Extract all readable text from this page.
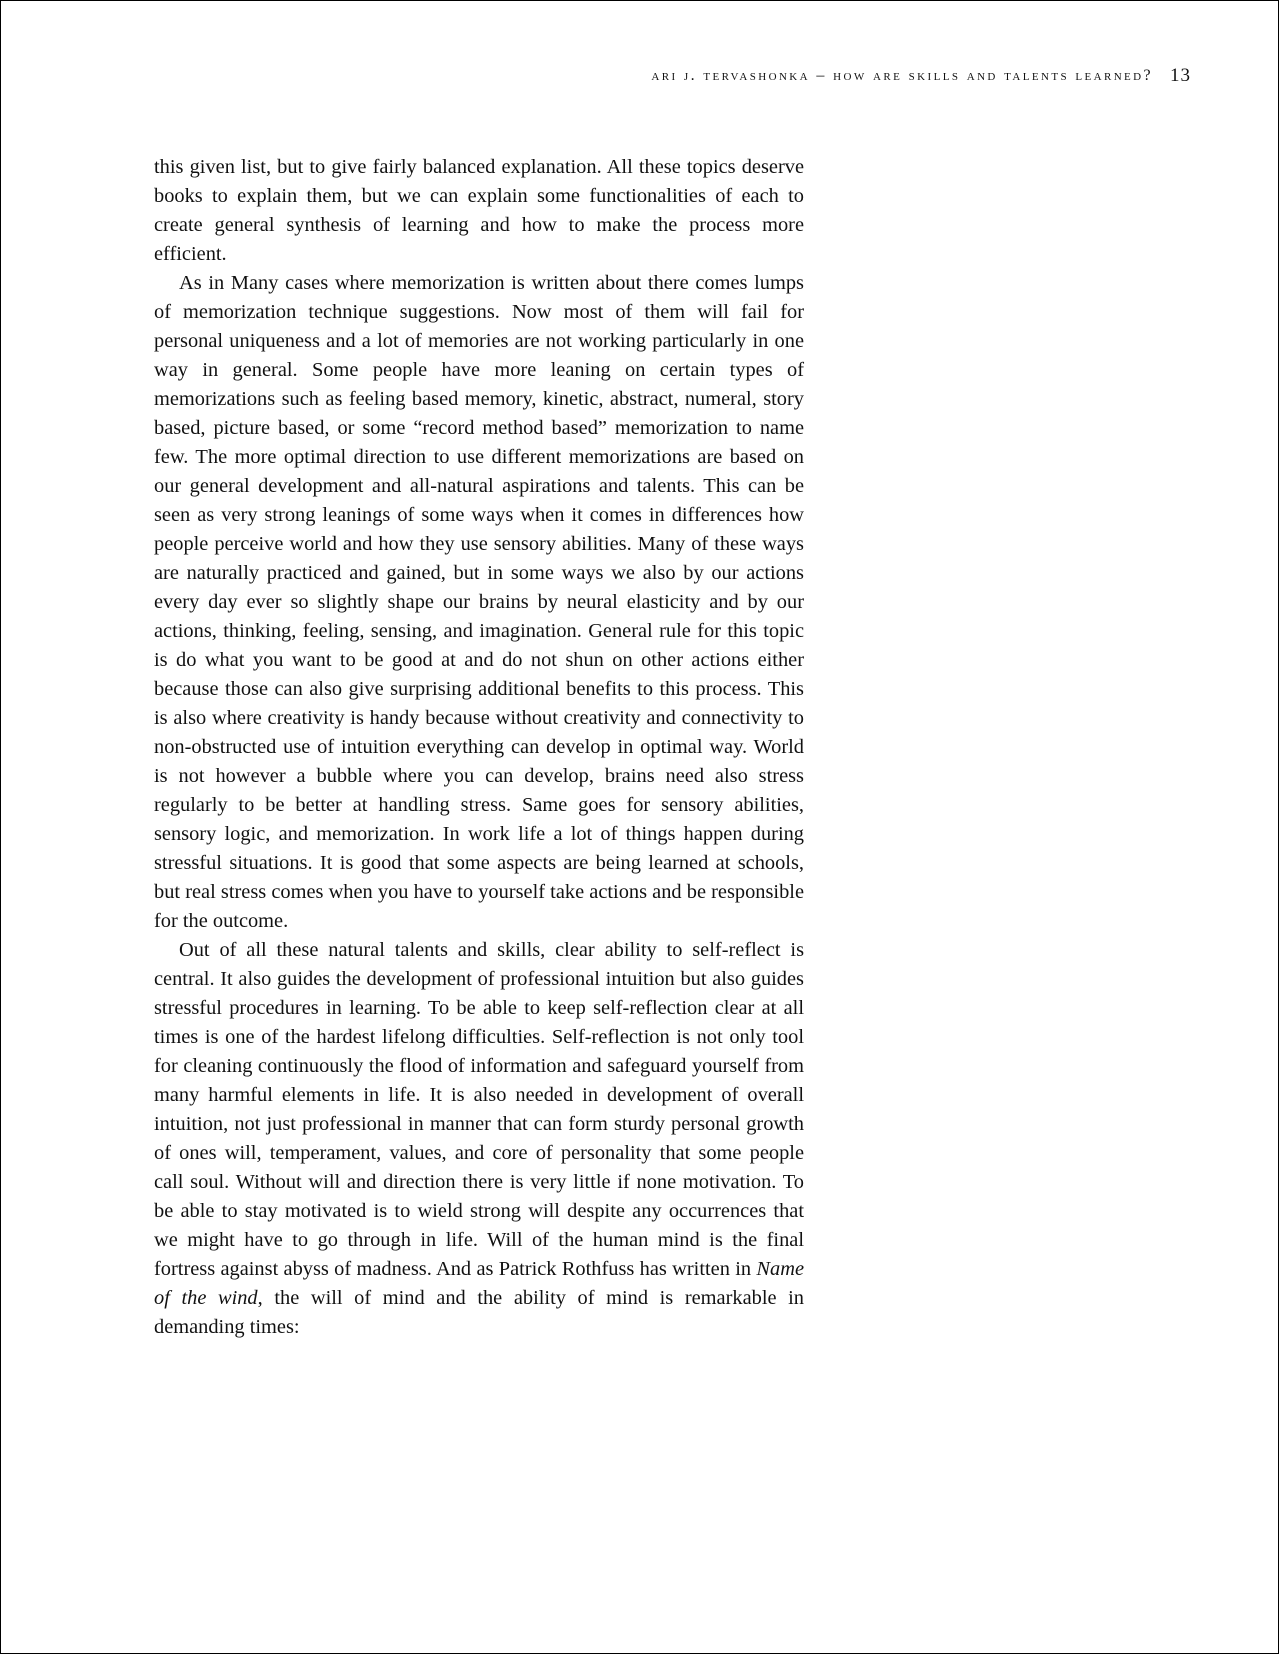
ari j. tervashonka – how are skills and talents learned? 13

this given list, but to give fairly balanced explanation. All these topics deserve books to explain them, but we can explain some functionalities of each to create general synthesis of learning and how to make the process more efficient.

As in Many cases where memorization is written about there comes lumps of memorization technique suggestions. Now most of them will fail for personal uniqueness and a lot of memories are not working particularly in one way in general. Some people have more leaning on certain types of memorizations such as feeling based memory, kinetic, abstract, numeral, story based, picture based, or some “record method based” memorization to name few. The more optimal direction to use different memorizations are based on our general development and all-natural aspirations and talents. This can be seen as very strong leanings of some ways when it comes in differences how people perceive world and how they use sensory abilities. Many of these ways are naturally practiced and gained, but in some ways we also by our actions every day ever so slightly shape our brains by neural elasticity and by our actions, thinking, feeling, sensing, and imagination. General rule for this topic is do what you want to be good at and do not shun on other actions either because those can also give surprising additional benefits to this process. This is also where creativity is handy because without creativity and connectivity to non-obstructed use of intuition everything can develop in optimal way. World is not however a bubble where you can develop, brains need also stress regularly to be better at handling stress. Same goes for sensory abilities, sensory logic, and memorization. In work life a lot of things happen during stressful situations. It is good that some aspects are being learned at schools, but real stress comes when you have to yourself take actions and be responsible for the outcome.

Out of all these natural talents and skills, clear ability to self-reflect is central. It also guides the development of professional intuition but also guides stressful procedures in learning. To be able to keep self-reflection clear at all times is one of the hardest lifelong difficulties. Self-reflection is not only tool for cleaning continuously the flood of information and safeguard yourself from many harmful elements in life. It is also needed in development of overall intuition, not just professional in manner that can form sturdy personal growth of ones will, temperament, values, and core of personality that some people call soul. Without will and direction there is very little if none motivation. To be able to stay motivated is to wield strong will despite any occurrences that we might have to go through in life. Will of the human mind is the final fortress against abyss of madness. And as Patrick Rothfuss has written in Name of the wind, the will of mind and the ability of mind is remarkable in demanding times:
